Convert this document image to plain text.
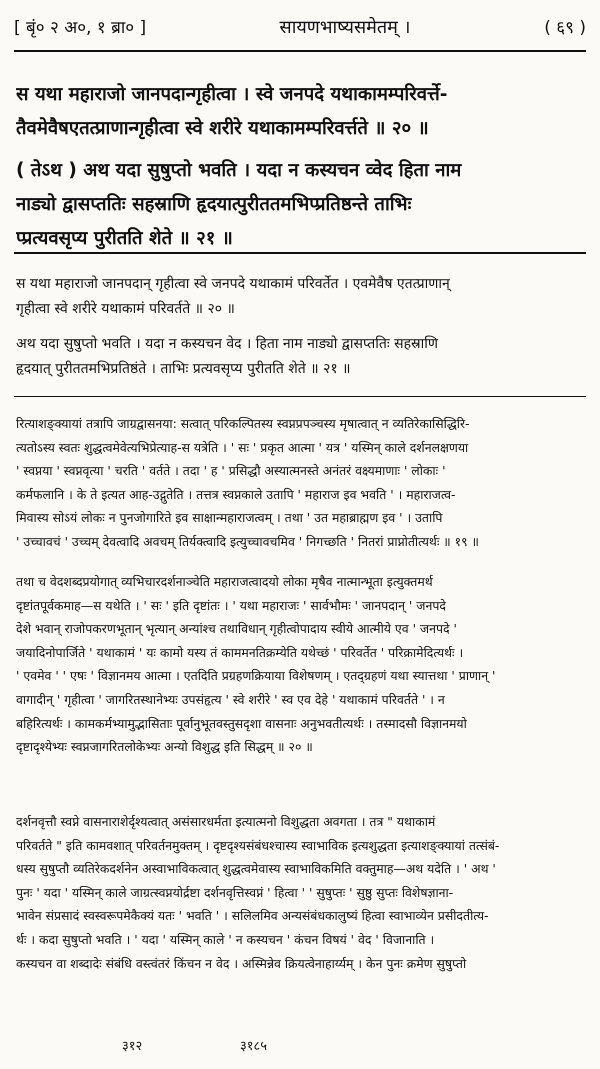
[ बृं० २ अ०, १ ब्रा० ]	सायणभाष्यसमेतम् ।	( ६९ )
स यथा महाराजो जानपदान्गृहीत्वा । स्वे जनपदे यथाकामम्परिवर्त्ते-
तैवमेवैषएतत्प्राणान्गृहीत्वा स्वे शरीरे यथाकामम्परिवर्त्तते ॥ २० ॥
( तेऽथ ) अथ यदा सुषुप्तो भवति । यदा न कस्यचन व्वेद हिता नाम
नाड्यो द्वासप्ततिः सहस्राणि हृदयात्पुरीततमभिप्प्रतिष्ठन्ते ताभिः
प्प्रत्यवसृप्य पुरीतति शेते ॥ २१ ॥
स यथा महाराजो जानपदान् गृहीत्वा स्वे जनपदे यथाकामं परिवर्तेत । एवमेवैष एतत्प्राणान्
गृहीत्वा स्वे शरीरे यथाकामं परिवर्तते ॥ २० ॥
अथ यदा सुषुप्तो भवति । यदा न कस्यचन वेद । हिता नाम नाड्यो द्वासप्ततिः सहस्राणि
हृदयात् पुरीततमभिप्रतिष्ठंते । ताभिः प्रत्यवसृप्य पुरीतति शेते ॥ २१ ॥
रित्याशङ्क्यायां तत्रापि जाग्रद्वासनया: सत्वात् परिकल्पितस्य स्वप्नप्रपञ्चस्य मृषात्वात् न व्यतिरेकासिद्धिरि-
त्यतोऽस्य स्वतः शुद्धत्वमेवेत्यभिप्रेत्याह-स यत्रेति । ' सः ' प्रकृत आत्मा ' यत्र ' यस्मिन् काले दर्शनलक्षणया
' स्वप्नया ' स्वप्नवृत्या ' चरति ' वर्तते । तदा ' ह ' प्रसिद्धौ अस्यात्मनस्ते अनंतरं वक्ष्यमाणाः ' लोकाः '
कर्मफलानि । के ते इत्यत आह-उद्गुतेति । तत्तत्र स्वप्नकाले उतापि ' महाराज इव भवति ' । महाराजत्व-
मिवास्य सोऽयं लोकः न पुनजोगारिते इव साक्षान्महाराजत्वम् । तथा ' उत महाब्राह्मण इव ' । उतापि
' उच्चावचं ' उच्चम् देवत्वादि अवचम् तिर्यक्त्वादि इत्युच्चावचमिव ' निगच्छति ' नितरां प्राप्नोतीत्यर्थः ॥ १९ ॥
तथा च वेदशब्दप्रयोगात् व्यभिचारदर्शनाञ्चेति महाराजत्वादयो लोका मृषैव नात्मान्भूता इत्युक्तमर्थ
दृष्टांतपूर्वकमाह—स यथेति । ' सः ' इति दृष्टांतः । ' यथा महाराजः ' सार्वभौमः ' जानपदान् ' जनपदे
देशे भवान् राजोपकरणभूतान् भृत्यान् अन्यांश्च तथाविधान् गृहीत्वोपादाय स्वीये आत्मीये एव ' जनपदे '
जयादिनोपार्जिते ' यथाकामं ' यः कामो यस्य तं काममनतिक्रम्येति यथेच्छं ' परिवर्तेत ' परिक्रामेदित्यर्थः ।
' एवमेव ' ' एषः ' विज्ञानमय आत्मा । एतदिति प्रग्रहणक्रियाया विशेषणम् । एतद्ग्रहणं यथा स्यात्तथा ' प्राणान् '
वागादीन् ' गृहीत्वा ' जागरितस्थानेभ्यः उपसंहृत्य ' स्वे शरीरे ' स्व एव देहे ' यथाकामं परिवर्तते ' । न
बहिरित्यर्थः । कामकर्मभ्यामुद्भासिताः पूर्वानुभूतवस्तुसदृशा वासनाः अनुभवतीत्यर्थः । तस्मादसौ विज्ञानमयो
दृष्टादृश्येभ्यः स्वप्नजागरितलोकेभ्यः अन्यो विशुद्ध इति सिद्धम् ॥ २० ॥
दर्शनवृत्तौ स्वप्ने वासनाराशेर्दृश्यत्वात् असंसारधर्मता इत्यात्मनो विशुद्धता अवगता । तत्र " यथाकामं
परिवर्तते " इति कामवशात् परिवर्तनमुक्तम् । दृष्टदृश्यसंबंधश्चास्य स्वाभाविक इत्यशुद्धता इत्याशङ्क्यायां तत्संबं-
धस्य सुषुप्तौ व्यतिरेकदर्शनेन अस्वाभाविकत्वात् शुद्धत्वमेवास्य स्वाभाविकमिति वक्तुमाह—अथ यदेति । ' अथ '
पुनः ' यदा ' यस्मिन् काले जाग्रत्स्वप्नयोर्द्रष्टा दर्शनवृत्तिस्वप्नं ' हित्वा ' ' सुषुप्तः ' सुष्ठु सुप्तः विशेषज्ञाना-
भावेन संप्रसादं स्वस्वरूपमेकैक्यं यतः ' भवति ' । सलिलमिव अन्यसंबंधकालुष्यं हित्वा स्वाभाव्येन प्रसीदतीत्य-
र्थः । कदा सुषुप्तो भवति । ' यदा ' यस्मिन् काले ' न कस्यचन ' कंचन विषयं ' वेद ' विजानाति ।
कस्यचन वा शब्दादेः संबंधि वस्त्वंतरं किंचन न वेद । अस्मिन्नेव क्रियत्वेनाहार्य्यम् । केन पुनः क्रमेण सुषुप्तो
३१२	३१८५
